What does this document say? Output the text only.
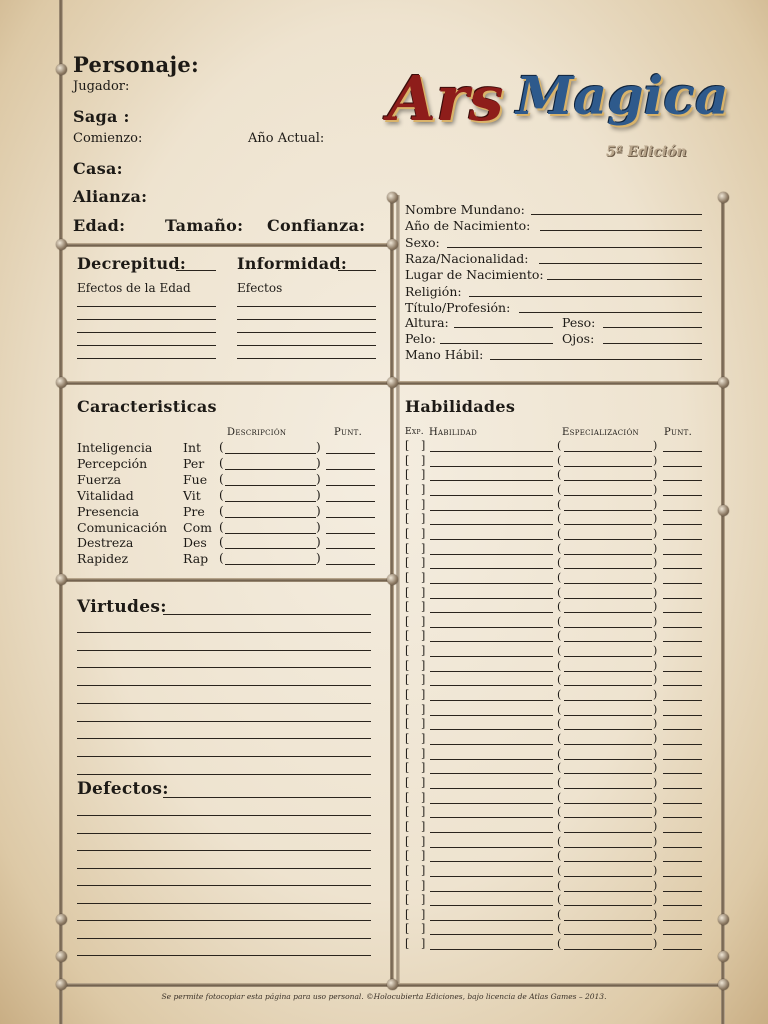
Personaje:
Jugador:
Saga :
Comienzo:	Año Actual:
Casa:
Alianza:
Edad: Tamaño: Confianza:
Ars Magica
5ª Edición
Decrepitud:	Informidad:
Efectos de la Edad	Efectos
Nombre Mundano:
Año de Nacimiento:
Sexo:
Raza/Nacionalidad:
Lugar de Nacimiento:
Religión:
Título/Profesión:
Altura:	Peso:
Pelo:	Ojos:
Mano Hábil:
Caracteristicas
Descripción	Punt.
Inteligencia Int (	)
Percepción	Per (	)
Fuerza	Fue (	)
Vitalidad	Vit (	)
Presencia	Pre (	)
Comunicación Com (	)
Destreza	Des (	)
Rapidez	Rap (	)
Virtudes:
Defectos:
Habilidades
Exp. Habilidad	Especialización	Punt.
[ ]	(	)
[ ]	(	)
[ ]	(	)
[ ]	(	)
[ ]	(	)
[ ]	(	)
[ ]	(	)
[ ]	(	)
[ ]	(	)
[ ]	(	)
[ ]	(	)
[ ]	(	)
[ ]	(	)
[ ]	(	)
[ ]	(	)
[ ]	(	)
[ ]	(	)
[ ]	(	)
[ ]	(	)
[ ]	(	)
[ ]	(	)
[ ]	(	)
[ ]	(	)
[ ]	(	)
[ ]	(	)
[ ]	(	)
[ ]	(	)
[ ]	(	)
[ ]	(	)
[ ]	(	)
[ ]	(	)
[ ]	(	)
[ ]	(	)
[ ]	(	)
[ ]	(	)
Se permite fotocopiar esta página para uso personal. ©Holocubierta Ediciones, bajo licencia de Atlas Games – 2013.
